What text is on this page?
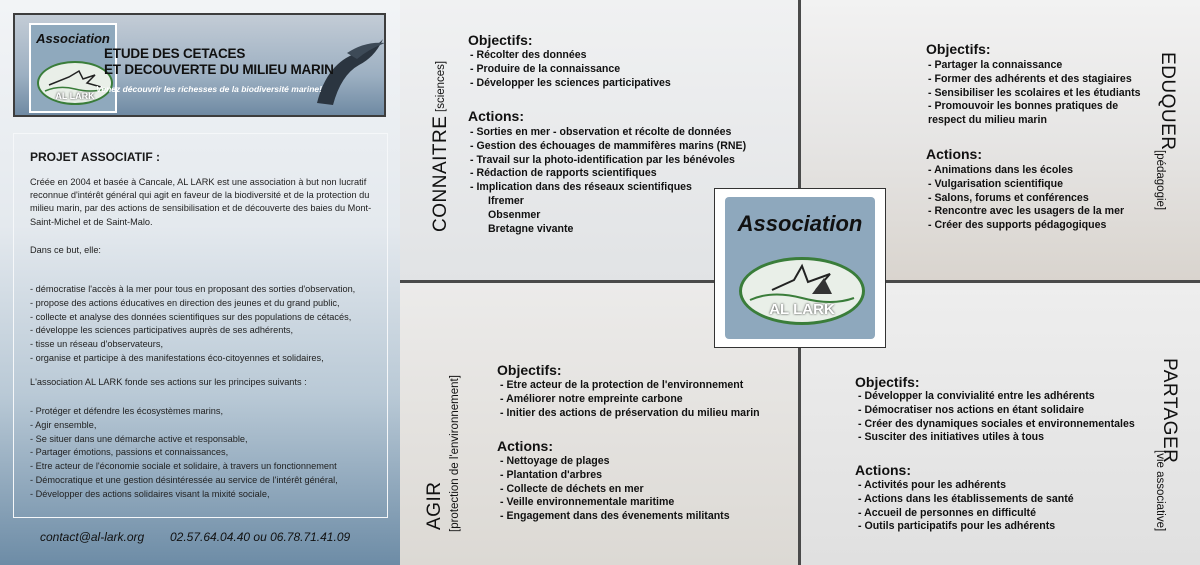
Association
AL LARK
ETUDE DES CETACES
ET DECOUVERTE DU MILIEU MARIN
Venez découvrir les richesses de la biodiversité marine!
PROJET ASSOCIATIF :
Créée en 2004 et basée à Cancale, AL LARK est une association à but non lucratif reconnue d'intérêt général qui agit en faveur de la biodiversité et de la protection du milieu marin, par des actions de sensibilisation et de découverte des baies du Mont-Saint-Michel et de Saint-Malo.
Dans ce but, elle:
- démocratise l'accès à la mer pour tous en proposant des sorties d'observation,
- propose des actions éducatives en direction des jeunes et du grand public,
- collecte et analyse des données scientifiques sur des populations de cétacés,
- développe les sciences participatives auprès de ses adhérents,
- tisse un réseau d'observateurs,
- organise et participe à des manifestations éco-citoyennes et solidaires,
L'association AL LARK fonde ses actions sur les principes suivants :
- Protéger et défendre les écosystèmes marins,
- Agir ensemble,
- Se situer dans une démarche active et responsable,
- Partager émotions, passions et connaissances,
- Etre acteur de l'économie sociale et solidaire, à travers un fonctionnement
- Démocratique et une gestion désintéressée au service de l'intérêt général,
- Développer des actions solidaires visant la mixité sociale,
contact@al-lark.org 02.57.64.04.40 ou 06.78.71.41.09
CONNAITRE
[sciences]
Objectifs:
- Récolter des données
- Produire de la connaissance
- Développer les sciences participatives
Actions:
- Sorties en mer - observation et récolte de données
- Gestion des échouages de mammifères marins (RNE)
- Travail sur la photo-identification par les bénévoles
- Rédaction de rapports scientifiques
- Implication dans des réseaux scientifiques
Ifremer
Obsenmer
Bretagne vivante
EDUQUER
[pédagogie]
Objectifs:
- Partager la connaissance
- Former des adhérents et des stagiaires
- Sensibiliser les scolaires et les étudiants
- Promouvoir les bonnes pratiques de
respect du milieu marin
Actions:
- Animations dans les écoles
- Vulgarisation scientifique
- Salons, forums et conférences
- Rencontre avec les usagers de la mer
- Créer des supports pédagogiques
AGIR [protection de l'environnement]
Objectifs:
- Etre acteur de la protection de l'environnement
- Améliorer notre empreinte carbone
- Initier des actions de préservation du milieu marin
Actions:
- Nettoyage de plages
- Plantation d'arbres
- Collecte de déchets en mer
- Veille environnementale maritime
- Engagement dans des évenements militants
PARTAGER
[vie associative]
Objectifs:
- Développer la convivialité entre les adhérents
- Démocratiser nos actions en étant solidaire
- Créer des dynamiques sociales et environnementales
- Susciter des initiatives utiles à tous
Actions:
- Activités pour les adhérents
- Actions dans les établissements de santé
- Accueil de personnes en difficulté
- Outils participatifs pour les adhérents
Association
AL LARK
